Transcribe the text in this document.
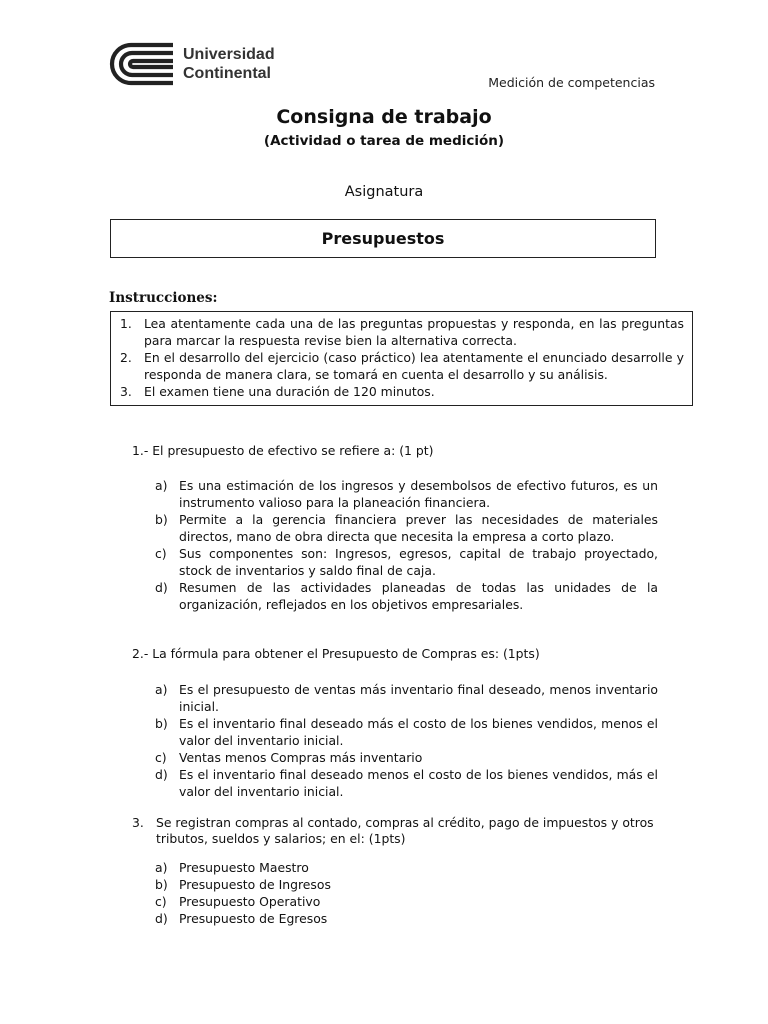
Universidad
Continental
Medición de competencias
Consigna de trabajo
(Actividad o tarea de medición)
Asignatura
Presupuestos
Instrucciones:
1. Lea atentamente cada una de las preguntas propuestas y responda, en las preguntas para marcar la respuesta revise bien la alternativa correcta.
2. En el desarrollo del ejercicio (caso práctico) lea atentamente el enunciado desarrolle y responda de manera clara, se tomará en cuenta el desarrollo y su análisis.
3. El examen tiene una duración de 120 minutos.
1.- El presupuesto de efectivo se refiere a: (1 pt)
a) Es una estimación de los ingresos y desembolsos de efectivo futuros, es un instrumento valioso para la planeación financiera.
b) Permite a la gerencia financiera prever las necesidades de materiales directos, mano de obra directa que necesita la empresa a corto plazo.
c) Sus componentes son: Ingresos, egresos, capital de trabajo proyectado, stock de inventarios y saldo final de caja.
d) Resumen de las actividades planeadas de todas las unidades de la organización, reflejados en los objetivos empresariales.
2.- La fórmula para obtener el Presupuesto de Compras es: (1pts)
a) Es el presupuesto de ventas más inventario final deseado, menos inventario inicial.
b) Es el inventario final deseado más el costo de los bienes vendidos, menos el valor del inventario inicial.
c) Ventas menos Compras más inventario
d) Es el inventario final deseado menos el costo de los bienes vendidos, más el valor del inventario inicial.
3. Se registran compras al contado, compras al crédito, pago de impuestos y otros tributos, sueldos y salarios; en el: (1pts)
a) Presupuesto Maestro
b) Presupuesto de Ingresos
c) Presupuesto Operativo
d) Presupuesto de Egresos
